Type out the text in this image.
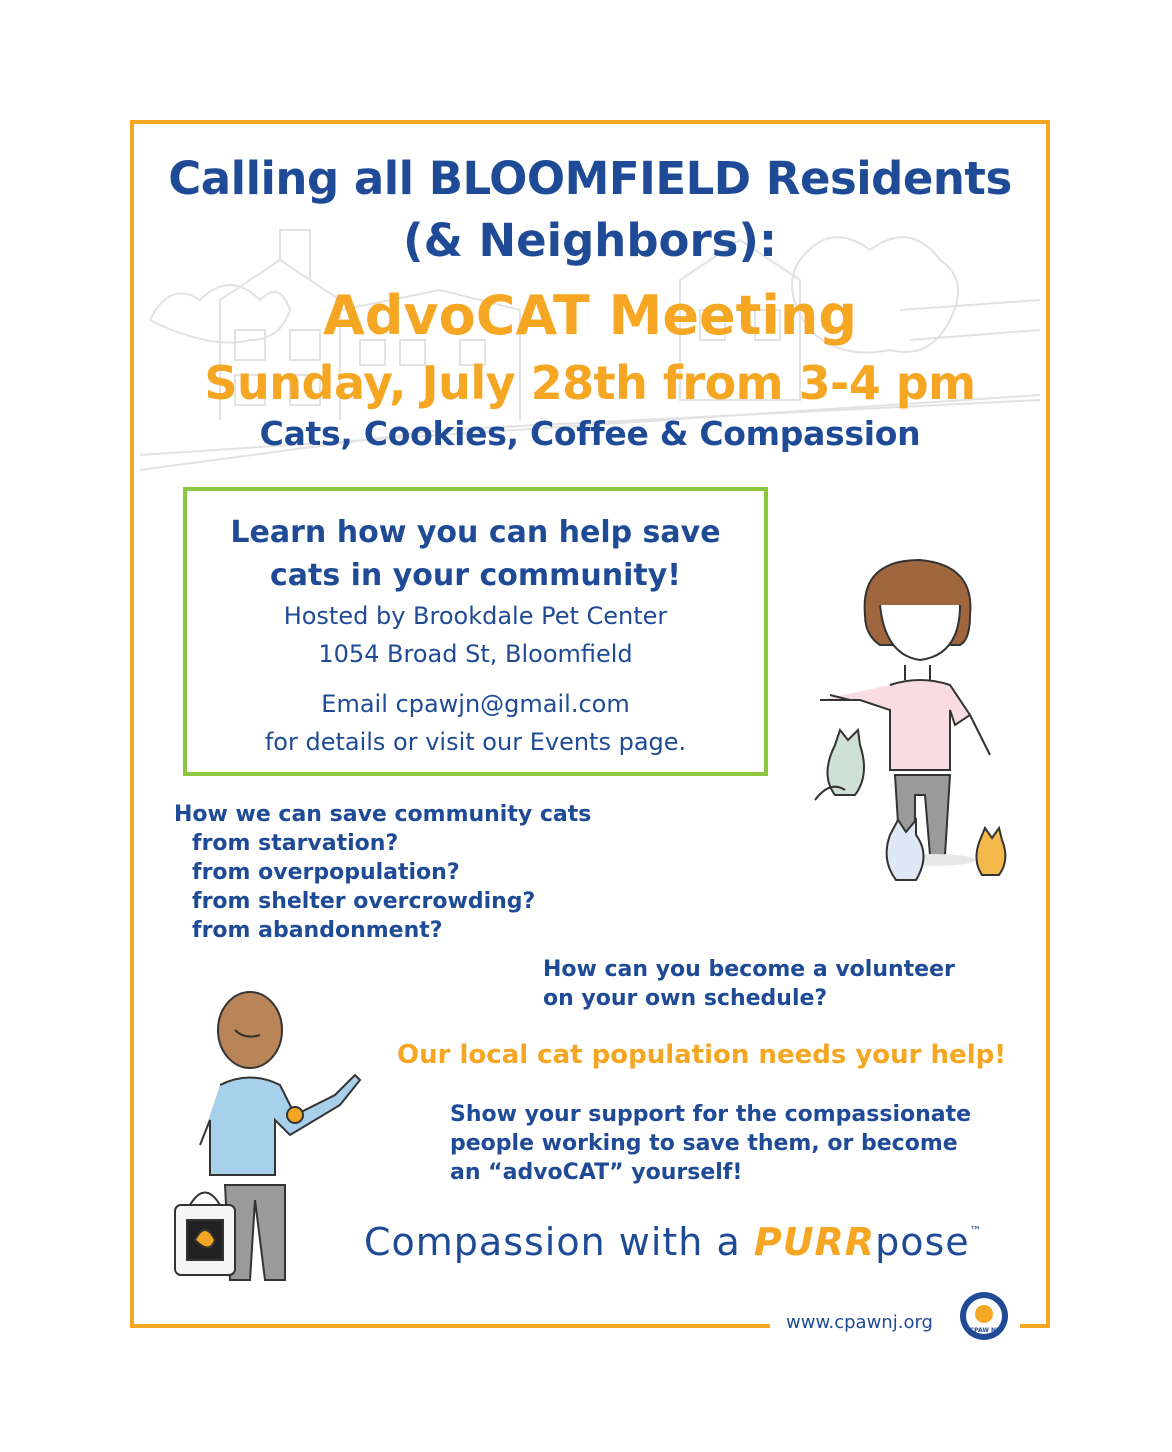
Calling all BLOOMFIELD Residents
(& Neighbors):
AdvoCAT Meeting
Sunday, July 28th from 3-4 pm
Cats, Cookies, Coffee & Compassion
Learn how you can help save
cats in your community!
Hosted by Brookdale Pet Center
1054 Broad St, Bloomfield
Email cpawjn@gmail.com
for details or visit our Events page.
How we can save community cats
from starvation?
from overpopulation?
from shelter overcrowding?
from abandonment?
How can you become a volunteer
on your own schedule?
Our local cat population needs your help!
Show your support for the compassionate
people working to save them, or become
an “advoCAT” yourself!
Compassion with a PURRpose™
www.cpawnj.org	CPAW NJ
